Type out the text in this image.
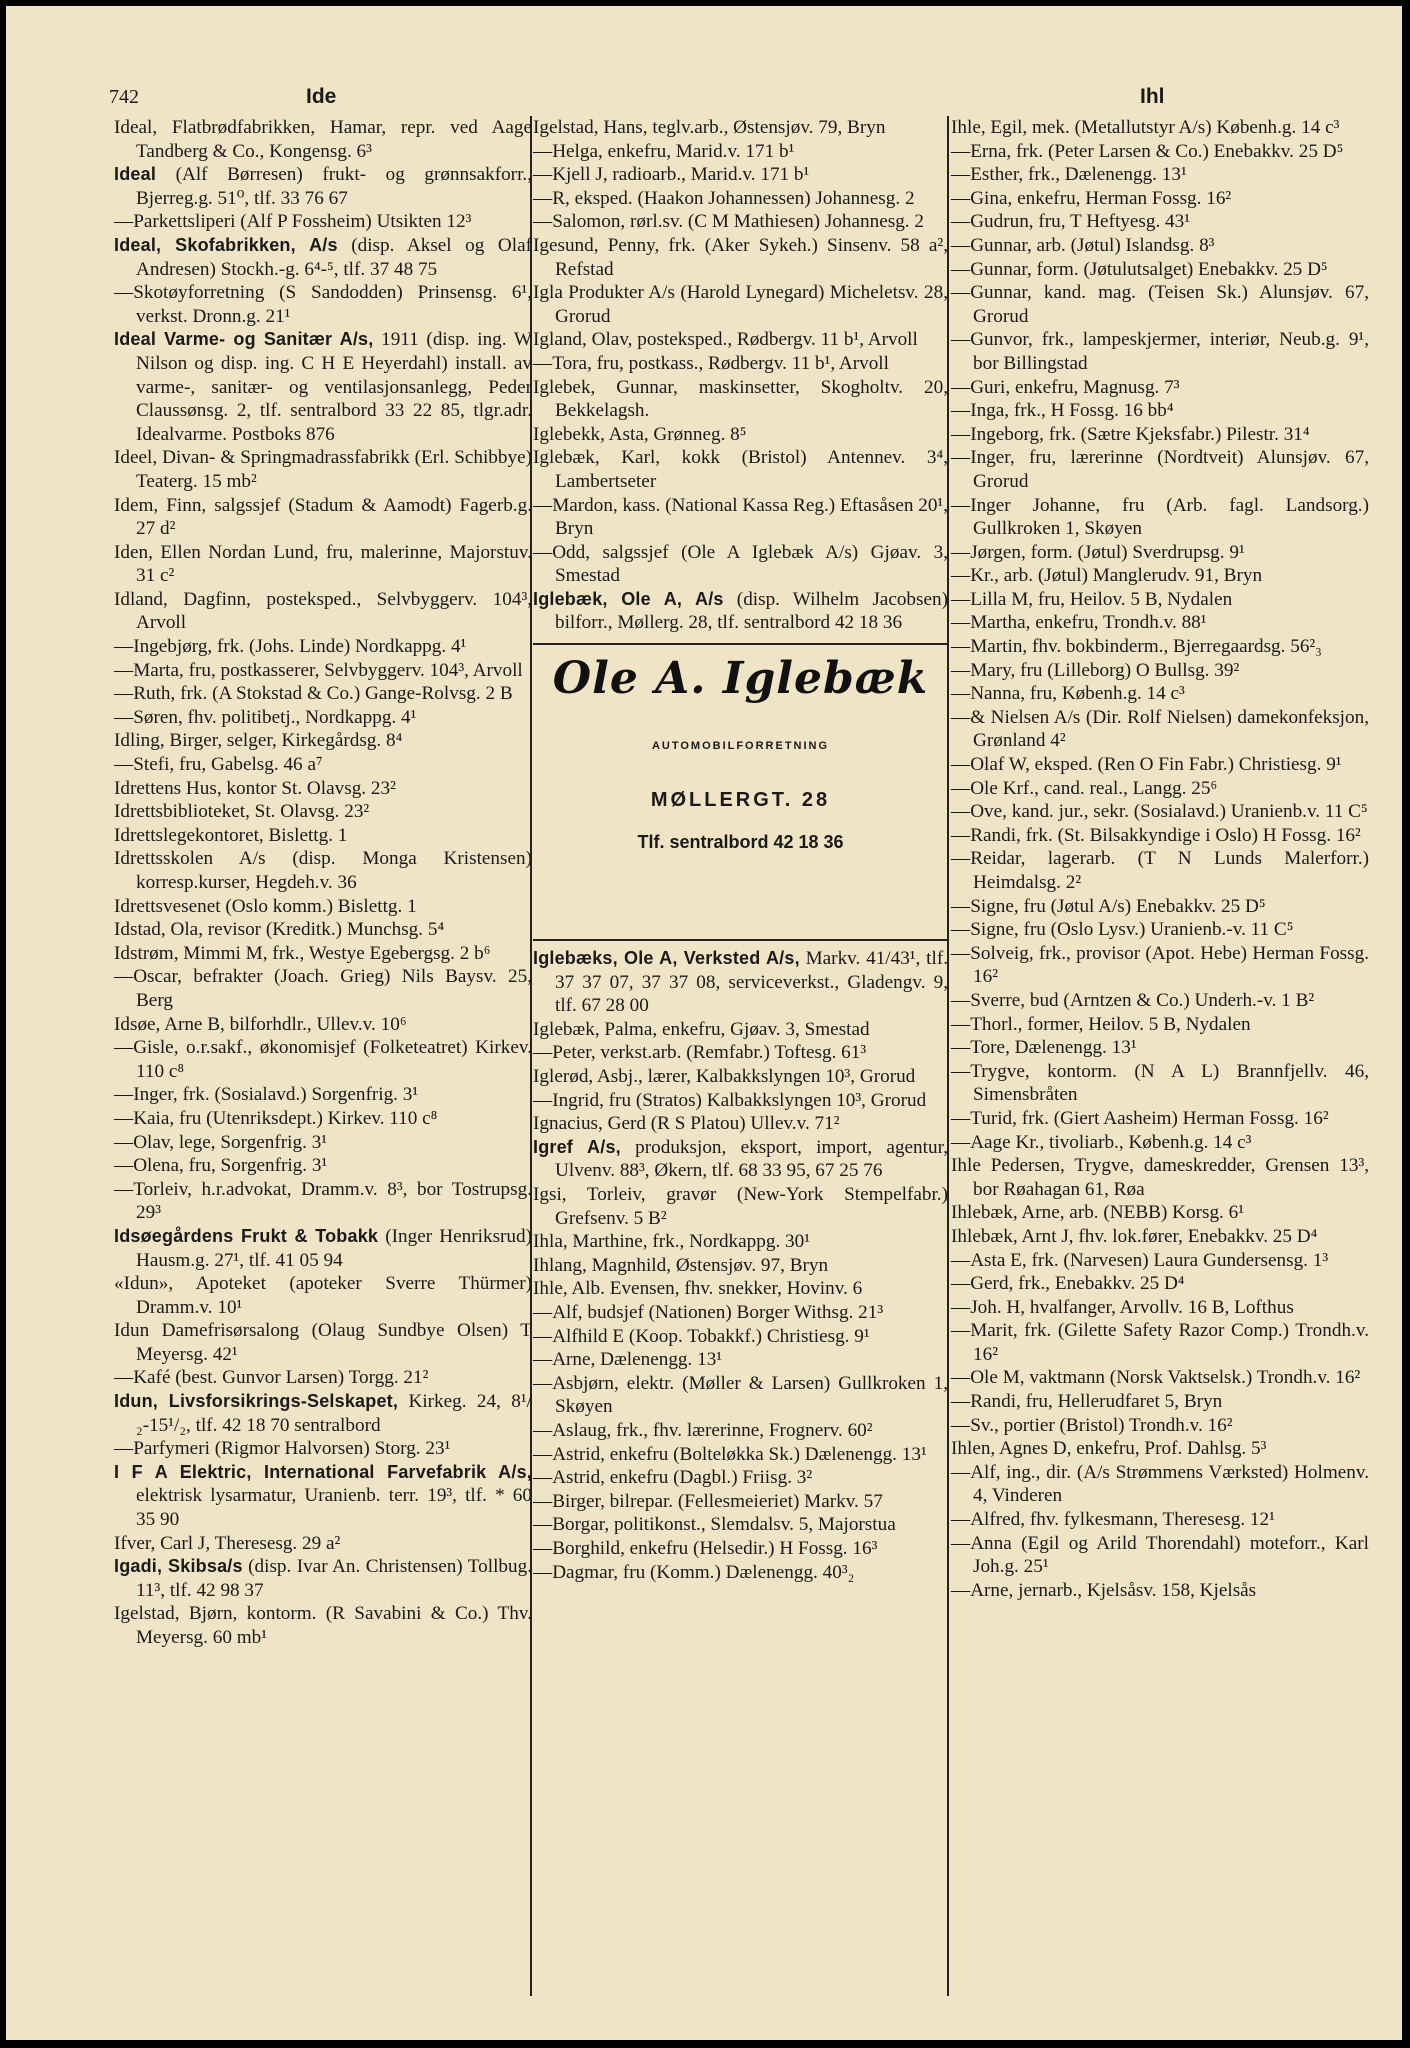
742	Ide	Ihl

Ideal, Flatbrødfabrikken, Hamar, repr. ved Aage Tandberg & Co., Kongensg. 6³

Ideal (Alf Børresen) frukt- og grønnsakforr., Bjerreg.g. 51⁰, tlf. 33 76 67

—Parkettsliperi (Alf P Fossheim) Utsikten 12³

Ideal, Skofabrikken, A/s (disp. Aksel og Olaf Andresen) Stockh.-g. 6⁴-⁵, tlf. 37 48 75

—Skotøyforretning (S Sandodden) Prinsensg. 6¹, verkst. Dronn.g. 21¹

Ideal Varme- og Sanitær A/s, 1911 (disp. ing. W Nilson og disp. ing. C H E Heyerdahl) install. av varme-, sanitær- og ventilasjonsanlegg, Peder Claussønsg. 2, tlf. sentralbord 33 22 85, tlgr.adr. Idealvarme. Postboks 876

Ideel, Divan- & Springmadrassfabrikk (Erl. Schibbye) Teaterg. 15 mb²

Idem, Finn, salgssjef (Stadum & Aamodt) Fagerb.g. 27 d²

Iden, Ellen Nordan Lund, fru, malerinne, Majorstuv. 31 c²

Idland, Dagfinn, posteksped., Selvbyggerv. 104³, Arvoll

—Ingebjørg, frk. (Johs. Linde) Nordkappg. 4¹

—Marta, fru, postkasserer, Selvbyggerv. 104³, Arvoll

—Ruth, frk. (A Stokstad & Co.) Gange-Rolvsg. 2 B

—Søren, fhv. politibetj., Nordkappg. 4¹

Idling, Birger, selger, Kirkegårdsg. 8⁴

—Stefi, fru, Gabelsg. 46 a⁷

Idrettens Hus, kontor St. Olavsg. 23²

Idrettsbiblioteket, St. Olavsg. 23²

Idrettslegekontoret, Bislettg. 1

Idrettsskolen A/s (disp. Monga Kristensen) korresp.kurser, Hegdeh.v. 36

Idrettsvesenet (Oslo komm.) Bislettg. 1

Idstad, Ola, revisor (Kreditk.) Munchsg. 5⁴

Idstrøm, Mimmi M, frk., Westye Egebergsg. 2 b⁶

—Oscar, befrakter (Joach. Grieg) Nils Baysv. 25, Berg

Idsøe, Arne B, bilforhdlr., Ullev.v. 10⁶

—Gisle, o.r.sakf., økonomisjef (Folketeatret) Kirkev. 110 c⁸

—Inger, frk. (Sosialavd.) Sorgenfrig. 3¹

—Kaia, fru (Utenriksdept.) Kirkev. 110 c⁸

—Olav, lege, Sorgenfrig. 3¹

—Olena, fru, Sorgenfrig. 3¹

—Torleiv, h.r.advokat, Dramm.v. 8³, bor Tostrupsg. 29³

Idsøegårdens Frukt & Tobakk (Inger Henriksrud) Hausm.g. 27¹, tlf. 41 05 94

«Idun», Apoteket (apoteker Sverre Thürmer) Dramm.v. 10¹

Idun Damefrisørsalong (Olaug Sundbye Olsen) T Meyersg. 42¹

—Kafé (best. Gunvor Larsen) Torgg. 21²

Idun, Livsforsikrings-Selskapet, Kirkeg. 24, 8¹/₂-15¹/₂, tlf. 42 18 70 sentralbord

—Parfymeri (Rigmor Halvorsen) Storg. 23¹

I F A Elektric, International Farvefabrik A/s, elektrisk lysarmatur, Uranienb. terr. 19³, tlf. * 60 35 90

Ifver, Carl J, Theresesg. 29 a²

Igadi, Skibsa/s (disp. Ivar An. Christensen) Tollbug. 11³, tlf. 42 98 37

Igelstad, Bjørn, kontorm. (R Savabini & Co.) Thv. Meyersg. 60 mb¹

Igelstad, Hans, teglv.arb., Østensjøv. 79, Bryn

—Helga, enkefru, Marid.v. 171 b¹

—Kjell J, radioarb., Marid.v. 171 b¹

—R, eksped. (Haakon Johannessen) Johannesg. 2

—Salomon, rørl.sv. (C M Mathiesen) Johannesg. 2

Igesund, Penny, frk. (Aker Sykeh.) Sinsenv. 58 a², Refstad

Igla Produkter A/s (Harold Lynegard) Micheletsv. 28, Grorud

Igland, Olav, posteksped., Rødbergv. 11 b¹, Arvoll

—Tora, fru, postkass., Rødbergv. 11 b¹, Arvoll

Iglebek, Gunnar, maskinsetter, Skogholtv. 20, Bekkelagsh.

Iglebekk, Asta, Grønneg. 8⁵

Iglebæk, Karl, kokk (Bristol) Antennev. 3⁴, Lambertseter

—Mardon, kass. (National Kassa Reg.) Eftasåsen 20¹, Bryn

—Odd, salgssjef (Ole A Iglebæk A/s) Gjøav. 3, Smestad

Iglebæk, Ole A, A/s (disp. Wilhelm Jacobsen) bilforr., Møllerg. 28, tlf. sentralbord 42 18 36

Ole A. Iglebæk
AUTOMOBILFORRETNING
MØLLERGT. 28
Tlf. sentralbord 42 18 36

Iglebæks, Ole A, Verksted A/s, Markv. 41/43¹, tlf. 37 37 07, 37 37 08, serviceverkst., Gladengv. 9, tlf. 67 28 00

Iglebæk, Palma, enkefru, Gjøav. 3, Smestad

—Peter, verkst.arb. (Remfabr.) Toftesg. 61³

Iglerød, Asbj., lærer, Kalbakkslyngen 10³, Grorud

—Ingrid, fru (Stratos) Kalbakkslyngen 10³, Grorud

Ignacius, Gerd (R S Platou) Ullev.v. 71²

Igref A/s, produksjon, eksport, import, agentur, Ulvenv. 88³, Økern, tlf. 68 33 95, 67 25 76

Igsi, Torleiv, gravør (New-York Stempelfabr.) Grefsenv. 5 B²

Ihla, Marthine, frk., Nordkappg. 30¹

Ihlang, Magnhild, Østensjøv. 97, Bryn

Ihle, Alb. Evensen, fhv. snekker, Hovinv. 6

—Alf, budsjef (Nationen) Borger Withsg. 21³

—Alfhild E (Koop. Tobakkf.) Christiesg. 9¹

—Arne, Dælenengg. 13¹

—Asbjørn, elektr. (Møller & Larsen) Gullkroken 1, Skøyen

—Aslaug, frk., fhv. lærerinne, Frognerv. 60²

—Astrid, enkefru (Bolteløkka Sk.) Dælenengg. 13¹

—Astrid, enkefru (Dagbl.) Friisg. 3²

—Birger, bilrepar. (Fellesmeieriet) Markv. 57

—Borgar, politikonst., Slemdalsv. 5, Majorstua

—Borghild, enkefru (Helsedir.) H Fossg. 16³

—Dagmar, fru (Komm.) Dælenengg. 40³₂

Ihle, Egil, mek. (Metallutstyr A/s) Københ.g. 14 c³

—Erna, frk. (Peter Larsen & Co.) Enebakkv. 25 D⁵

—Esther, frk., Dælenengg. 13¹

—Gina, enkefru, Herman Fossg. 16²

—Gudrun, fru, T Heftyesg. 43¹

—Gunnar, arb. (Jøtul) Islandsg. 8³

—Gunnar, form. (Jøtulutsalget) Enebakkv. 25 D⁵

—Gunnar, kand. mag. (Teisen Sk.) Alunsjøv. 67, Grorud

—Gunvor, frk., lampeskjermer, interiør, Neub.g. 9¹, bor Billingstad

—Guri, enkefru, Magnusg. 7³

—Inga, frk., H Fossg. 16 bb⁴

—Ingeborg, frk. (Sætre Kjeksfabr.) Pilestr. 31⁴

—Inger, fru, lærerinne (Nordtveit) Alunsjøv. 67, Grorud

—Inger Johanne, fru (Arb. fagl. Landsorg.) Gullkroken 1, Skøyen

—Jørgen, form. (Jøtul) Sverdrupsg. 9¹

—Kr., arb. (Jøtul) Manglerudv. 91, Bryn

—Lilla M, fru, Heilov. 5 B, Nydalen

—Martha, enkefru, Trondh.v. 88¹

—Martin, fhv. bokbinderm., Bjerregaardsg. 56²₃

—Mary, fru (Lilleborg) O Bullsg. 39²

—Nanna, fru, Københ.g. 14 c³

—& Nielsen A/s (Dir. Rolf Nielsen) damekonfeksjon, Grønland 4²

—Olaf W, eksped. (Ren O Fin Fabr.) Christiesg. 9¹

—Ole Krf., cand. real., Langg. 25⁶

—Ove, kand. jur., sekr. (Sosialavd.) Uranienb.v. 11 C⁵

—Randi, frk. (St. Bilsakkyndige i Oslo) H Fossg. 16²

—Reidar, lagerarb. (T N Lunds Malerforr.) Heimdalsg. 2²

—Signe, fru (Jøtul A/s) Enebakkv. 25 D⁵

—Signe, fru (Oslo Lysv.) Uranienb.-v. 11 C⁵

—Solveig, frk., provisor (Apot. Hebe) Herman Fossg. 16²

—Sverre, bud (Arntzen & Co.) Underh.-v. 1 B²

—Thorl., former, Heilov. 5 B, Nydalen

—Tore, Dælenengg. 13¹

—Trygve, kontorm. (N A L) Brannfjellv. 46, Simensbråten

—Turid, frk. (Giert Aasheim) Herman Fossg. 16²

—Aage Kr., tivoliarb., Københ.g. 14 c³

Ihle Pedersen, Trygve, dameskredder, Grensen 13³, bor Røahagan 61, Røa

Ihlebæk, Arne, arb. (NEBB) Korsg. 6¹

Ihlebæk, Arnt J, fhv. lok.fører, Enebakkv. 25 D⁴

—Asta E, frk. (Narvesen) Laura Gundersensg. 1³

—Gerd, frk., Enebakkv. 25 D⁴

—Joh. H, hvalfanger, Arvollv. 16 B, Lofthus

—Marit, frk. (Gilette Safety Razor Comp.) Trondh.v. 16²

—Ole M, vaktmann (Norsk Vaktselsk.) Trondh.v. 16²

—Randi, fru, Hellerudfaret 5, Bryn

—Sv., portier (Bristol) Trondh.v. 16²

Ihlen, Agnes D, enkefru, Prof. Dahlsg. 5³

—Alf, ing., dir. (A/s Strømmens Værksted) Holmenv. 4, Vinderen

—Alfred, fhv. fylkesmann, Theresesg. 12¹

—Anna (Egil og Arild Thorendahl) moteforr., Karl Joh.g. 25¹

—Arne, jernarb., Kjelsåsv. 158, Kjelsås
